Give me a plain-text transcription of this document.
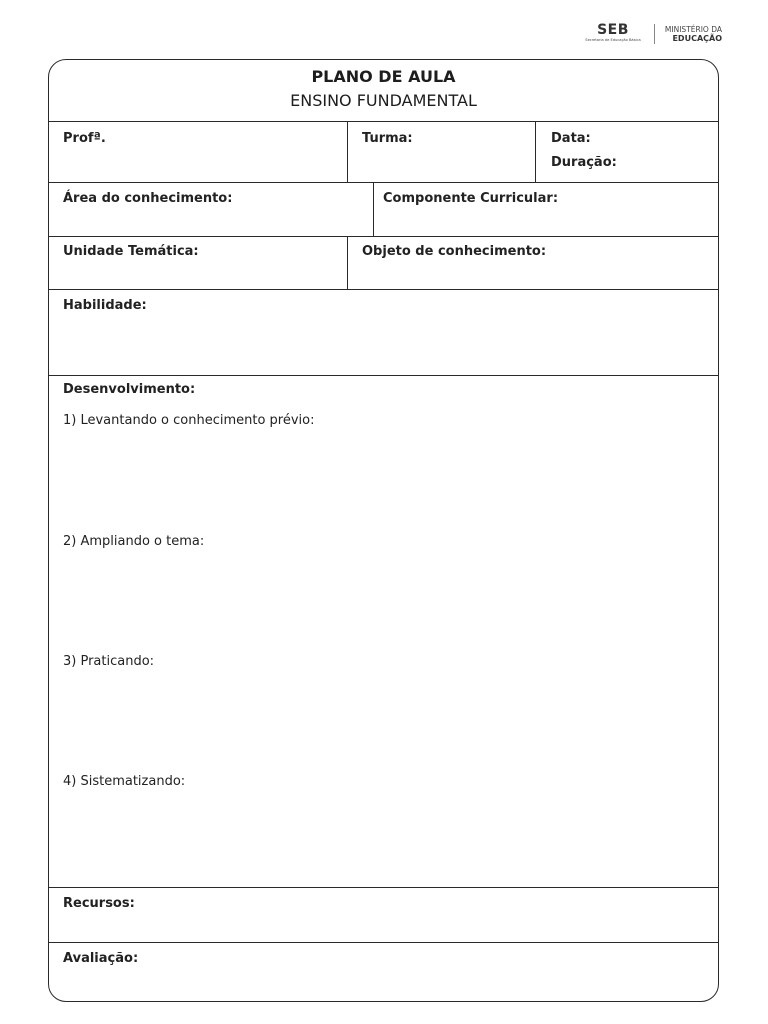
SEB
Secretaria de Educação Básica
MINISTÉRIO DA
EDUCAÇÃO
PLANO DE AULA
ENSINO FUNDAMENTAL
Profª.	Turma:	Data:
Duração:
Área do conhecimento:	Componente Curricular:
Unidade Temática:	Objeto de conhecimento:
Habilidade:
Desenvolvimento:
1) Levantando o conhecimento prévio:
2) Ampliando o tema:
3) Praticando:
4) Sistematizando:
Recursos:
Avaliação:
